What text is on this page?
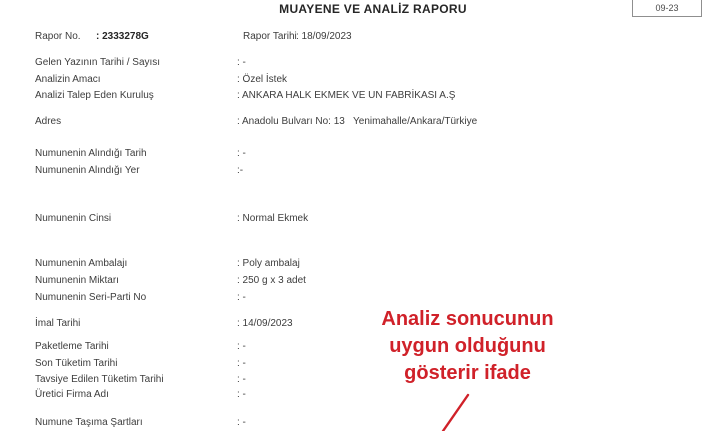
MUAYENE VE ANALİZ RAPORU	09-23
Rapor No. : 2333278G	Rapor Tarihi : 18/09/2023
Gelen Yazının Tarihi / Sayısı	: -
Analizin Amacı	: Özel İstek
Analizi Talep Eden Kuruluş	: ANKARA HALK EKMEK VE UN FABRİKASI A.Ş
Adres	: Anadolu Bulvarı No: 13   Yenimahalle/Ankara/Türkiye
Numunenin Alındığı Tarih	: -
Numunenin Alındığı Yer	:-
Numunenin Cinsi	: Normal Ekmek
Numunenin Ambalajı	: Poly ambalaj
Numunenin Miktarı	: 250 g x 3 adet
Numunenin Seri-Parti No	: -
İmal Tarihi	: 14/09/2023
Paketleme Tarihi	: -
Son Tüketim Tarihi	: -
Tavsiye Edilen Tüketim Tarihi	: -
Üretici Firma Adı	: -
Numune Taşıma Şartları	: -
Analiz sonucunun
uygun olduğunu
gösterir ifade
